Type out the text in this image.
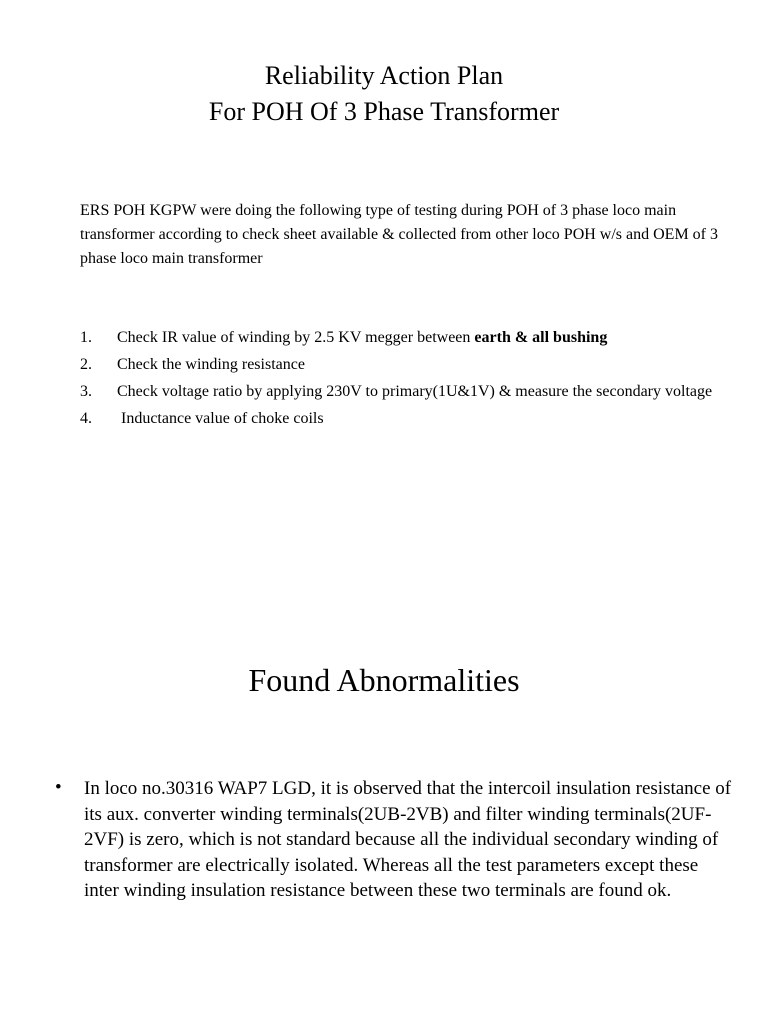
Reliability Action Plan
For POH Of 3 Phase Transformer

ERS POH KGPW were doing the following type of testing during POH of 3 phase loco main transformer according to check sheet available & collected from other loco POH w/s and OEM of 3 phase loco main transformer

1. Check IR value of winding by 2.5 KV megger between earth & all bushing
2. Check the winding resistance
3. Check voltage ratio by applying 230V to primary(1U&1V) & measure the secondary voltage
4. Inductance value of choke coils
Found Abnormalities
• In loco no.30316 WAP7 LGD, it is observed that the intercoil insulation resistance of its aux. converter winding terminals(2UB-2VB) and filter winding terminals(2UF-2VF) is zero, which is not standard because all the individual secondary winding of transformer are electrically isolated. Whereas all the test parameters except these inter winding insulation resistance between these two terminals are found ok.
